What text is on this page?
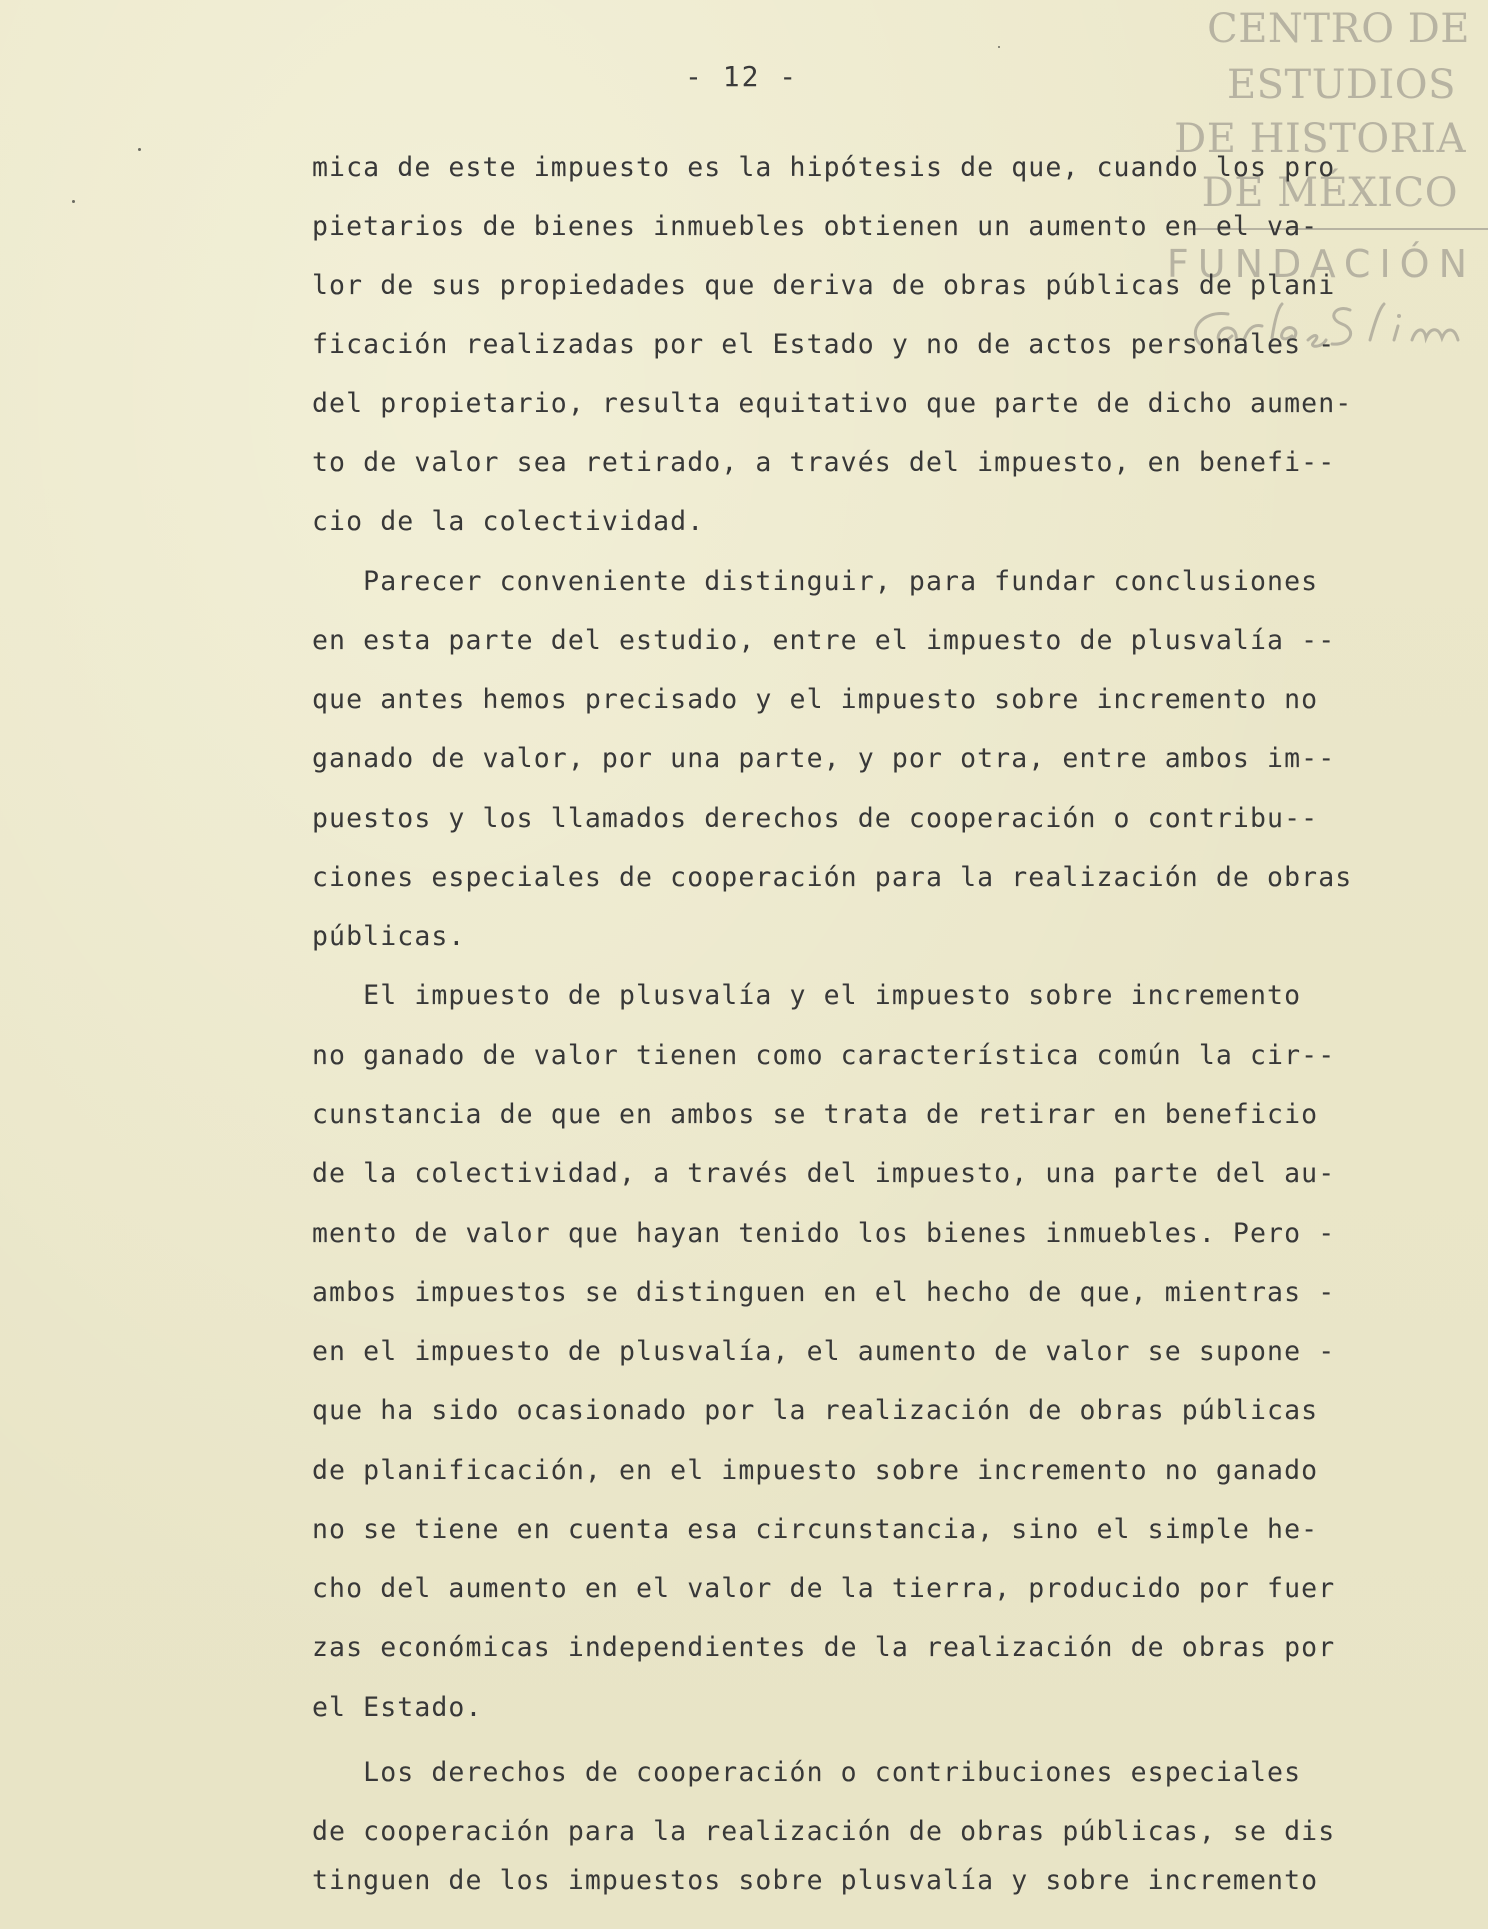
- 12 -
CENTRO DE
ESTUDIOS
DE HISTORIA
DE MÉXICO
FUNDACIÓN
mica de este impuesto es la hipótesis de que, cuando los pro
pietarios de bienes inmuebles obtienen un aumento en el va-
lor de sus propiedades que deriva de obras públicas de plani
ficación realizadas por el Estado y no de actos personales -
del propietario, resulta equitativo que parte de dicho aumen-
to de valor sea retirado, a través del impuesto, en benefi--
cio de la colectividad.
Parecer conveniente distinguir, para fundar conclusiones
en esta parte del estudio, entre el impuesto de plusvalía --
que antes hemos precisado y el impuesto sobre incremento no
ganado de valor, por una parte, y por otra, entre ambos im--
puestos y los llamados derechos de cooperación o contribu--
ciones especiales de cooperación para la realización de obras
públicas.
El impuesto de plusvalía y el impuesto sobre incremento
no ganado de valor tienen como característica común la cir--
cunstancia de que en ambos se trata de retirar en beneficio
de la colectividad, a través del impuesto, una parte del au-
mento de valor que hayan tenido los bienes inmuebles. Pero -
ambos impuestos se distinguen en el hecho de que, mientras -
en el impuesto de plusvalía, el aumento de valor se supone -
que ha sido ocasionado por la realización de obras públicas
de planificación, en el impuesto sobre incremento no ganado
no se tiene en cuenta esa circunstancia, sino el simple he-
cho del aumento en el valor de la tierra, producido por fuer
zas económicas independientes de la realización de obras por
el Estado.
Los derechos de cooperación o contribuciones especiales
de cooperación para la realización de obras públicas, se dis
tinguen de los impuestos sobre plusvalía y sobre incremento
